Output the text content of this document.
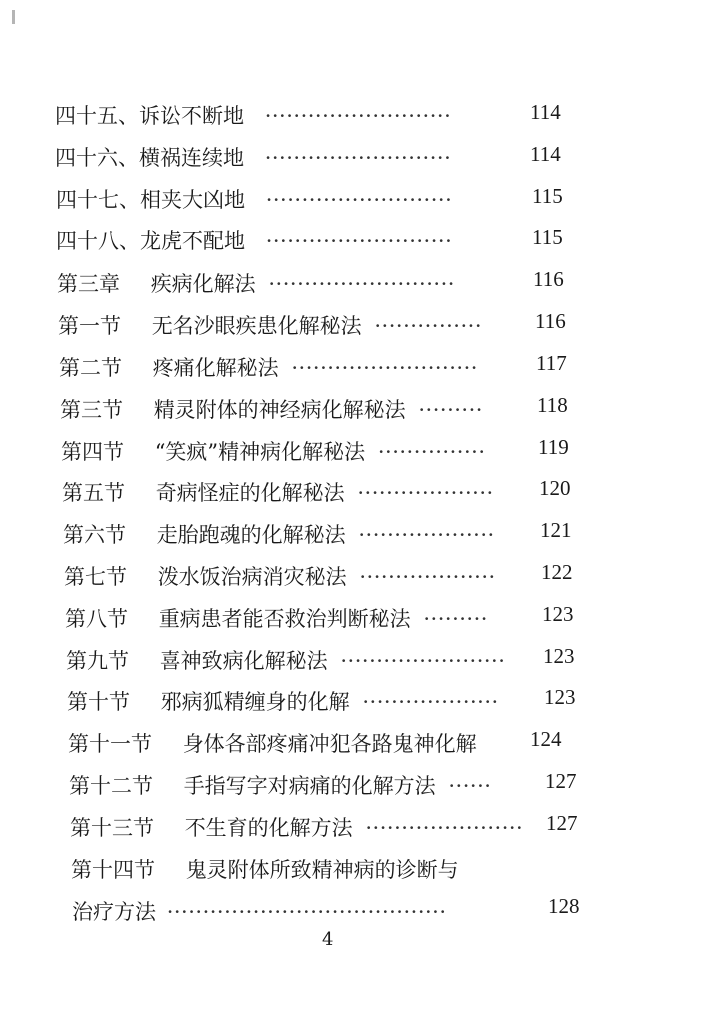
四十五、诉讼不断地 ··························	114
四十六、横祸连续地 ··························	114
四十七、相夹大凶地 ··························	115
四十八、龙虎不配地 ··························	115
第三章 疾病化解法 ··························	116
第一节 无名沙眼疾患化解秘法 ···············	116
第二节 疼痛化解秘法 ··························	117
第三节 精灵附体的神经病化解秘法 ·········	118
第四节 “笑疯”精神病化解秘法 ···············	119
第五节 奇病怪症的化解秘法 ··················· 120
第六节 走胎跑魂的化解秘法 ··················· 121
第七节 泼水饭治病消灾秘法 ··················· 122
第八节 重病患者能否救治判断秘法 ·········	123
第九节 喜神致病化解秘法 ······················· 123
第十节 邪病狐精缠身的化解 ··················· 123
第十一节 身体各部疼痛冲犯各路鬼神化解	124
第十二节 手指写字对病痛的化解方法 ······	127
第十三节 不生育的化解方法 ······················ 127
第十四节 鬼灵附体所致精神病的诊断与
治疗方法 ·······································	128
4
